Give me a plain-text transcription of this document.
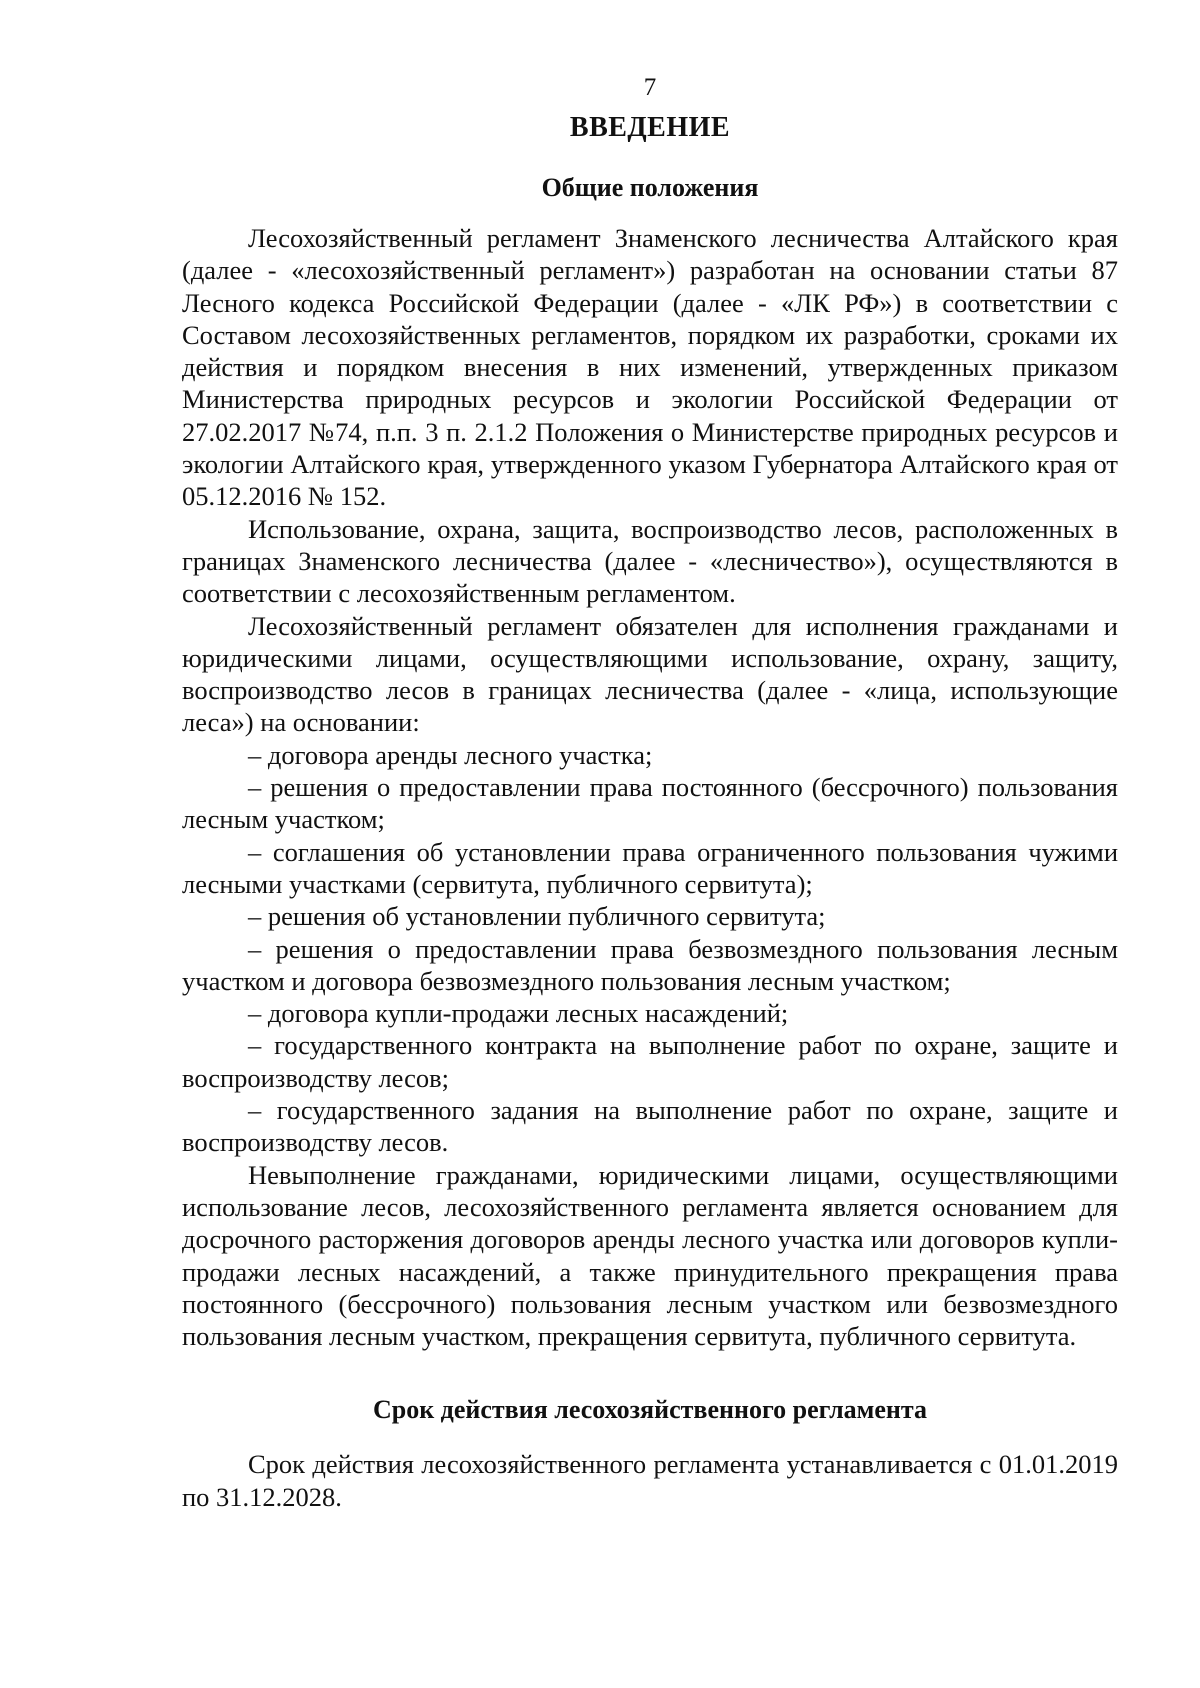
7
ВВЕДЕНИЕ
Общие положения

Лесохозяйственный регламент Знаменского лесничества Алтайского края (далее - «лесохозяйственный регламент») разработан на основании статьи 87 Лесного кодекса Российской Федерации (далее - «ЛК РФ») в соответствии с Составом лесохозяйственных регламентов, порядком их разработки, сроками их действия и порядком внесения в них изменений, утвержденных приказом Министерства природных ресурсов и экологии Российской Федерации от 27.02.2017 №74, п.п. 3 п. 2.1.2 Положения о Министерстве природных ресурсов и экологии Алтайского края, утвержденного указом Губернатора Алтайского края от 05.12.2016 № 152.

Использование, охрана, защита, воспроизводство лесов, расположенных в границах Знаменского лесничества (далее - «лесничество»), осуществляются в соответствии с лесохозяйственным регламентом.

Лесохозяйственный регламент обязателен для исполнения гражданами и юридическими лицами, осуществляющими использование, охрану, защиту, воспроизводство лесов в границах лесничества (далее - «лица, использующие леса») на основании:

– договора аренды лесного участка;

– решения о предоставлении права постоянного (бессрочного) пользования лесным участком;

– соглашения об установлении права ограниченного пользования чужими лесными участками (сервитута, публичного сервитута);

– решения об установлении публичного сервитута;

– решения о предоставлении права безвозмездного пользования лесным участком и договора безвозмездного пользования лесным участком;

– договора купли-продажи лесных насаждений;

– государственного контракта на выполнение работ по охране, защите и воспроизводству лесов;

– государственного задания на выполнение работ по охране, защите и воспроизводству лесов.

Невыполнение гражданами, юридическими лицами, осуществляющими использование лесов, лесохозяйственного регламента является основанием для досрочного расторжения договоров аренды лесного участка или договоров купли-продажи лесных насаждений, а также принудительного прекращения права постоянного (бессрочного) пользования лесным участком или безвозмездного пользования лесным участком, прекращения сервитута, публичного сервитута.

Срок действия лесохозяйственного регламента

Срок действия лесохозяйственного регламента устанавливается с 01.01.2019 по 31.12.2028.
